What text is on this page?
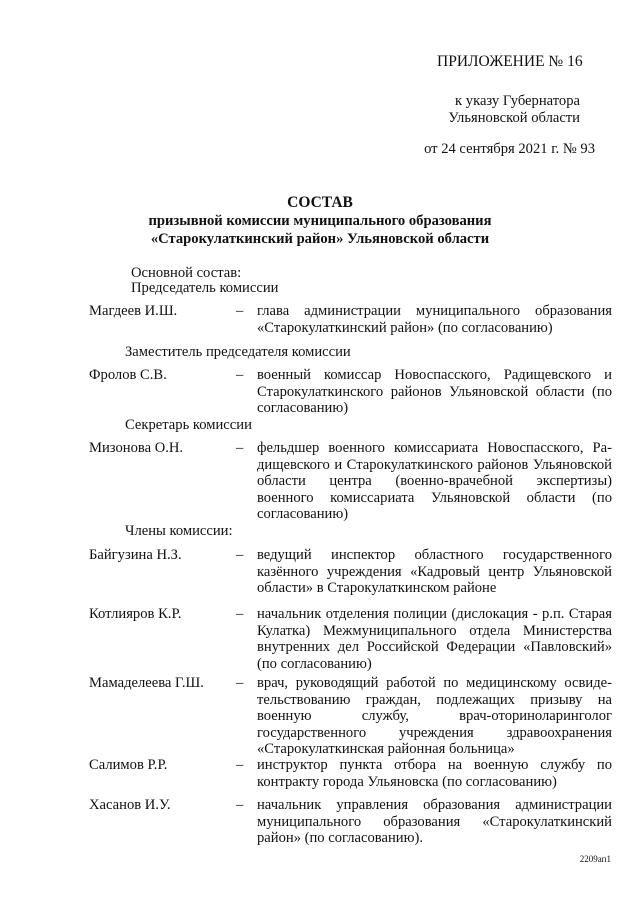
ПРИЛОЖЕНИЕ № 16
к указу Губернатора
Ульяновской области
от 24 сентября 2021 г. № 93
СОСТАВ
призывной комиссии муниципального образования
«Старокулаткинский район» Ульяновской области
Основной состав:
Председатель комиссии
Магдеев И.Ш.	– глава администрации муниципального образования «Старокулаткинский район» (по согласованию)
Заместитель председателя комиссии
Фролов С.В.	– военный комиссар Новоспасского, Радищевского и Старокулаткинского районов Ульяновской области (по согласованию)
Секретарь комиссии
Мизонова О.Н.	– фельдшер военного комиссариата Новоспасского, Радищевского и Старокулаткинского районов Ульяновской области центра (военно-врачебной экспертизы) военного комиссариата Ульяновской области (по согласованию)
Члены комиссии:
Байгузина Н.З.	– ведущий инспектор областного государственного казённого учреждения «Кадровый центр Ульяновской области» в Старокулаткинском районе
Котлияров К.Р.	– начальник отделения полиции (дислокация - р.п. Старая Кулатка) Межмуниципального отдела Министерства внутренних дел Российской Федерации «Павловский» (по согласованию)
Мамаделеева Г.Ш. – врач, руководящий работой по медицинскому освидетельствованию граждан, подлежащих призыву на военную службу, врач-оториноларинголог государственного учреждения здравоохранения «Старокулаткинская районная больница»
Салимов Р.Р.	– инструктор пункта отбора на военную службу по контракту города Ульяновска (по согласованию)
Хасанов И.У.	– начальник управления образования администрации муниципального образования «Старокулаткинский район» (по согласованию).
2209ап1
